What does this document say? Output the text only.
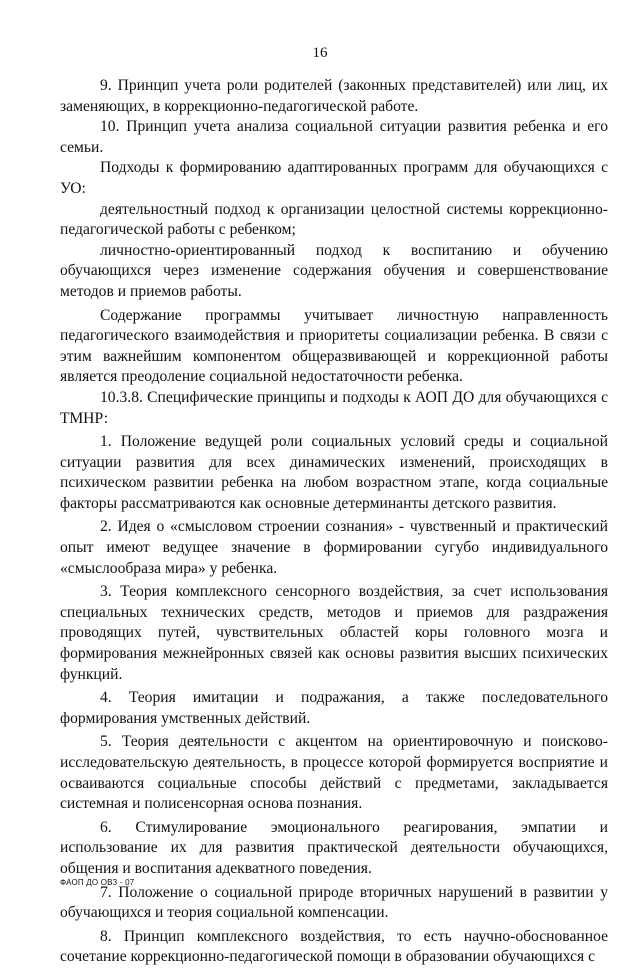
16

9. Принцип учета роли родителей (законных представителей) или лиц, их заменяющих, в коррекционно-педагогической работе.

10. Принцип учета анализа социальной ситуации развития ребенка и его семьи.

Подходы к формированию адаптированных программ для обучающихся с УО:

деятельностный подход к организации целостной системы коррекционно-педагогической работы с ребенком;

личностно-ориентированный подход к воспитанию и обучению обучающихся через изменение содержания обучения и совершенствование методов и приемов работы.

Содержание программы учитывает личностную направленность педагогического взаимодействия и приоритеты социализации ребенка. В связи с этим важнейшим компонентом общеразвивающей и коррекционной работы является преодоление социальной недостаточности ребенка.

10.3.8. Специфические принципы и подходы к АОП ДО для обучающихся с ТМНР:

1. Положение ведущей роли социальных условий среды и социальной ситуации развития для всех динамических изменений, происходящих в психическом развитии ребенка на любом возрастном этапе, когда социальные факторы рассматриваются как основные детерминанты детского развития.

2. Идея о «смысловом строении сознания» - чувственный и практический опыт имеют ведущее значение в формировании сугубо индивидуального «смыслообраза мира» у ребенка.

3. Теория комплексного сенсорного воздействия, за счет использования специальных технических средств, методов и приемов для раздражения проводящих путей, чувствительных областей коры головного мозга и формирования межнейронных связей как основы развития высших психических функций.

4. Теория имитации и подражания, а также последовательного формирования умственных действий.

5. Теория деятельности с акцентом на ориентировочную и поисково-исследовательскую деятельность, в процессе которой формируется восприятие и осваиваются социальные способы действий с предметами, закладывается системная и полисенсорная основа познания.

6. Стимулирование эмоционального реагирования, эмпатии и использование их для развития практической деятельности обучающихся, общения и воспитания адекватного поведения.

7. Положение о социальной природе вторичных нарушений в развитии у обучающихся и теория социальной компенсации.

8. Принцип комплексного воздействия, то есть научно-обоснованное сочетание коррекционно-педагогической помощи в образовании обучающихся с

ФАОП ДО ОВЗ - 07
